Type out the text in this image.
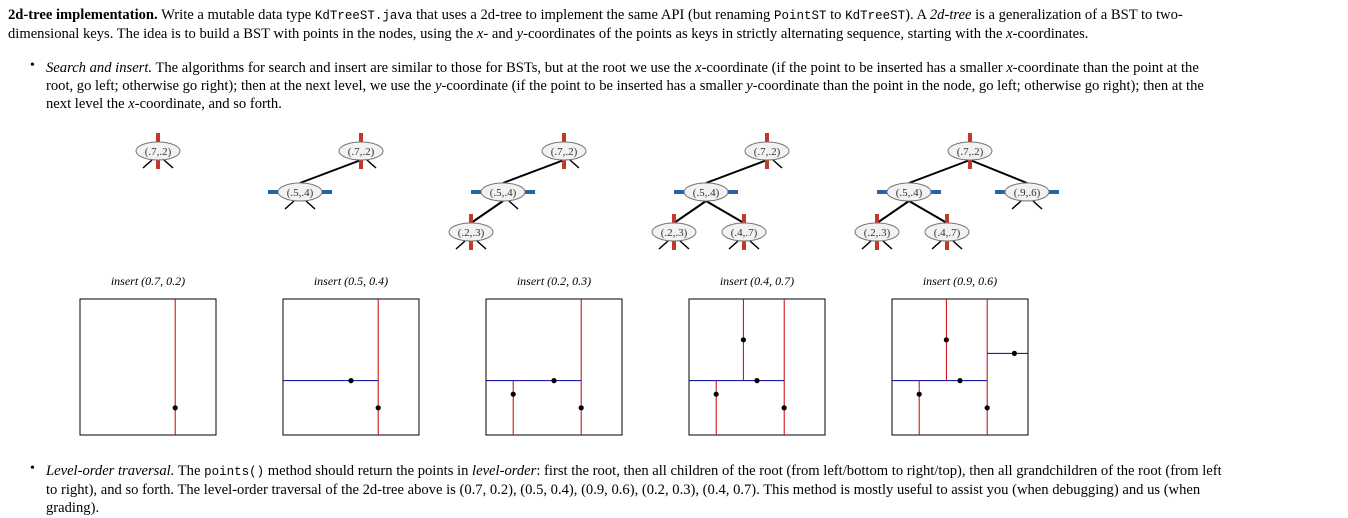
2d-tree implementation. Write a mutable data type KdTreeST.java that uses a 2d-tree to implement the same API (but renaming PointST to KdTreeST). A 2d-tree is a generalization of a BST to two-
dimensional keys. The idea is to build a BST with points in the nodes, using the x- and y-coordinates of the points as keys in strictly alternating sequence, starting with the x-coordinates.
• Search and insert. The algorithms for search and insert are similar to those for BSTs, but at the root we use the x-coordinate (if the point to be inserted has a smaller x-coordinate than the point at the
root, go left; otherwise go right); then at the next level, we use the y-coordinate (if the point to be inserted has a smaller y-coordinate than the point in the node, go left; otherwise go right); then at the
next level the x-coordinate, and so forth.
(.7,.2)
insert (0.7, 0.2)
(.7,.2)
(.5,.4)
insert (0.5, 0.4)
(.7,.2)
(.5,.4)
(.2,.3)
insert (0.2, 0.3)
(.7,.2)
(.5,.4)
(.2,.3)	(.4,.7)
insert (0.4, 0.7)
(.7,.2)
(.5,.4)	(.9,.6)
(.2,.3)	(.4,.7)
insert (0.9, 0.6)
• Level-order traversal. The points() method should return the points in level-order: first the root, then all children of the root (from left/bottom to right/top), then all grandchildren of the root (from left
to right), and so forth. The level-order traversal of the 2d-tree above is (0.7, 0.2), (0.5, 0.4), (0.9, 0.6), (0.2, 0.3), (0.4, 0.7). This method is mostly useful to assist you (when debugging) and us (when
grading).
